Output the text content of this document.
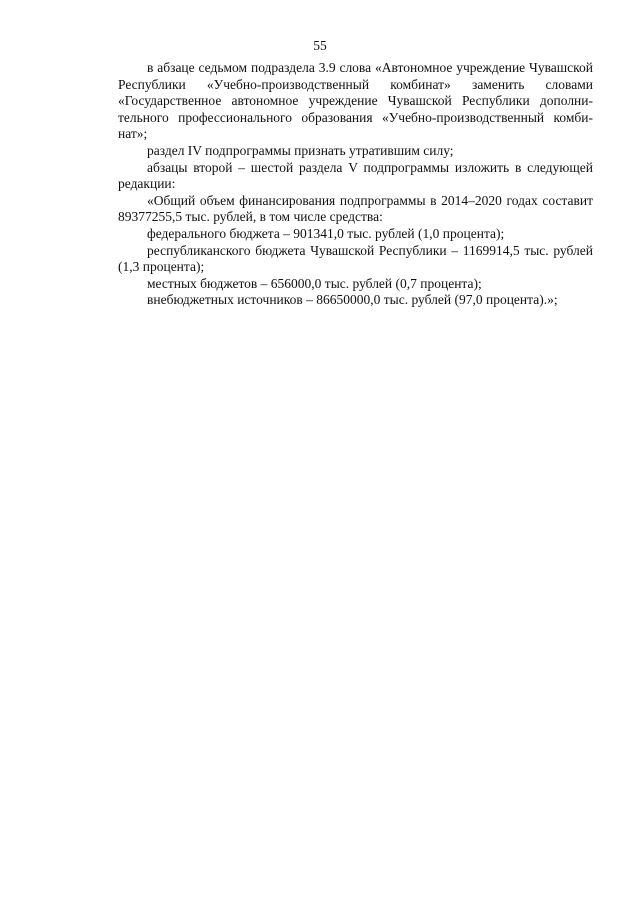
55

в абзаце седьмом подраздела 3.9 слова «Автономное учреждение Чувашской Республики «Учебно-производственный комбинат» заменить словами «Государственное автономное учреждение Чувашской Республики дополнительного профессионального образования «Учебно-производственный комбинат»;

раздел IV подпрограммы признать утратившим силу;

абзацы второй – шестой раздела V подпрограммы изложить в следующей редакции:

«Общий объем финансирования подпрограммы в 2014–2020 годах составит 89377255,5 тыс. рублей, в том числе средства:

федерального бюджета – 901341,0 тыс. рублей (1,0 процента);

республиканского бюджета Чувашской Республики – 1169914,5 тыс. рублей (1,3 процента);

местных бюджетов – 656000,0 тыс. рублей (0,7 процента);

внебюджетных источников – 86650000,0 тыс. рублей (97,0 процента).»;
